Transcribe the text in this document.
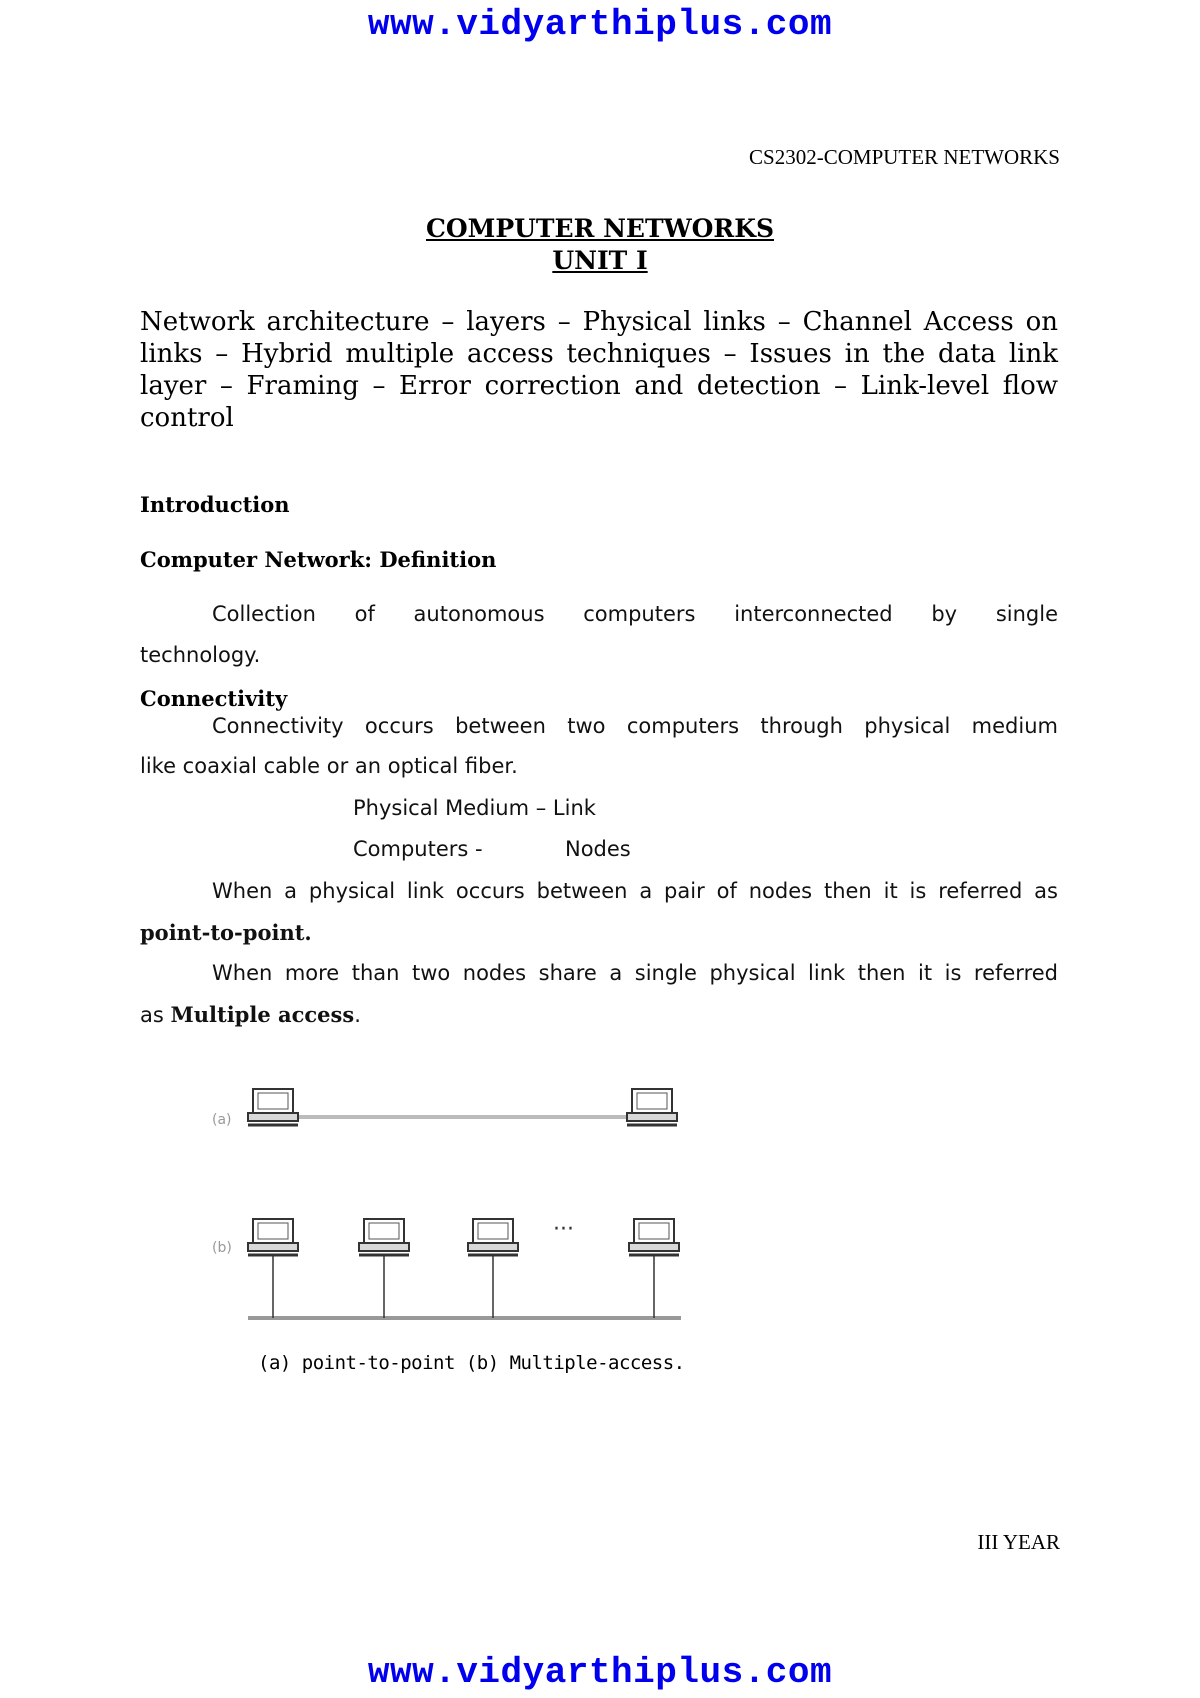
www.vidyarthiplus.com
CS2302-COMPUTER NETWORKS
COMPUTER NETWORKS
UNIT I
Network architecture – layers – Physical links – Channel Access on links – Hybrid multiple access techniques – Issues in the data link layer – Framing – Error correction and detection – Link-level flow control
Introduction
Computer Network: Definition
Collection of autonomous computers interconnected by single
technology.
Connectivity
Connectivity occurs between two computers through physical medium
like coaxial cable or an optical fiber.
Physical Medium – Link
Computers -	Nodes
When a physical link occurs between a pair of nodes then it is referred as
point-to-point.
When more than two nodes share a single physical link then it is referred
as Multiple access.
(a)
(b)
···
(a) point-to-point (b) Multiple-access.
III YEAR
www.vidyarthiplus.com
